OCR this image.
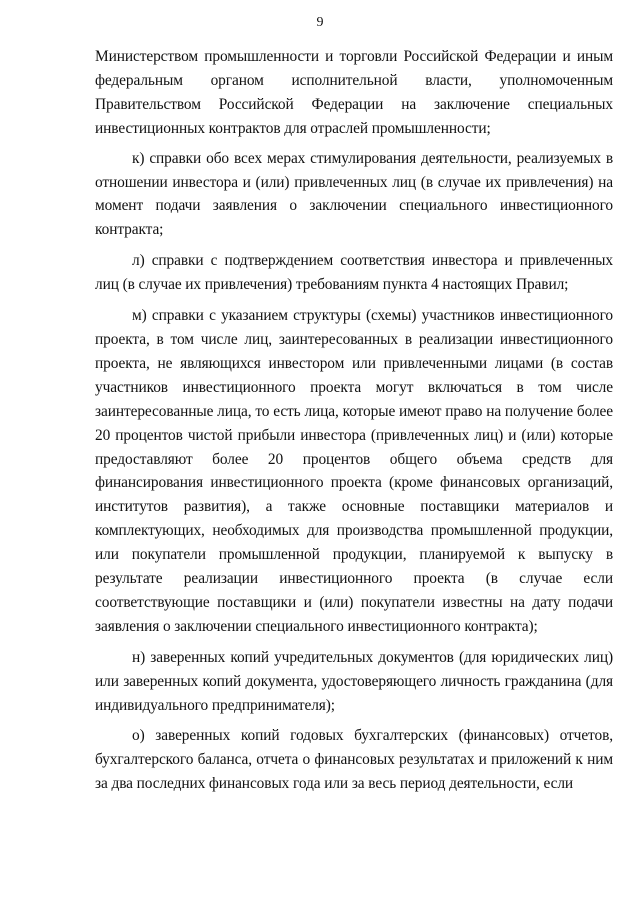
9

Министерством промышленности и торговли Российской Федерации и иным федеральным органом исполнительной власти, уполномоченным Правительством Российской Федерации на заключение специальных инвестиционных контрактов для отраслей промышленности;

к) справки обо всех мерах стимулирования деятельности, реализуемых в отношении инвестора и (или) привлеченных лиц (в случае их привлечения) на момент подачи заявления о заключении специального инвестиционного контракта;

л) справки с подтверждением соответствия инвестора и привлеченных лиц (в случае их привлечения) требованиям пункта 4 настоящих Правил;

м) справки с указанием структуры (схемы) участников инвестиционного проекта, в том числе лиц, заинтересованных в реализации инвестиционного проекта, не являющихся инвестором или привлеченными лицами (в состав участников инвестиционного проекта могут включаться в том числе заинтересованные лица, то есть лица, которые имеют право на получение более 20 процентов чистой прибыли инвестора (привлеченных лиц) и (или) которые предоставляют более 20 процентов общего объема средств для финансирования инвестиционного проекта (кроме финансовых организаций, институтов развития), а также основные поставщики материалов и комплектующих, необходимых для производства промышленной продукции, или покупатели промышленной продукции, планируемой к выпуску в результате реализации инвестиционного проекта (в случае если соответствующие поставщики и (или) покупатели известны на дату подачи заявления о заключении специального инвестиционного контракта);

н) заверенных копий учредительных документов (для юридических лиц) или заверенных копий документа, удостоверяющего личность гражданина (для индивидуального предпринимателя);

о) заверенных копий годовых бухгалтерских (финансовых) отчетов, бухгалтерского баланса, отчета о финансовых результатах и приложений к ним за два последних финансовых года или за весь период деятельности, если
